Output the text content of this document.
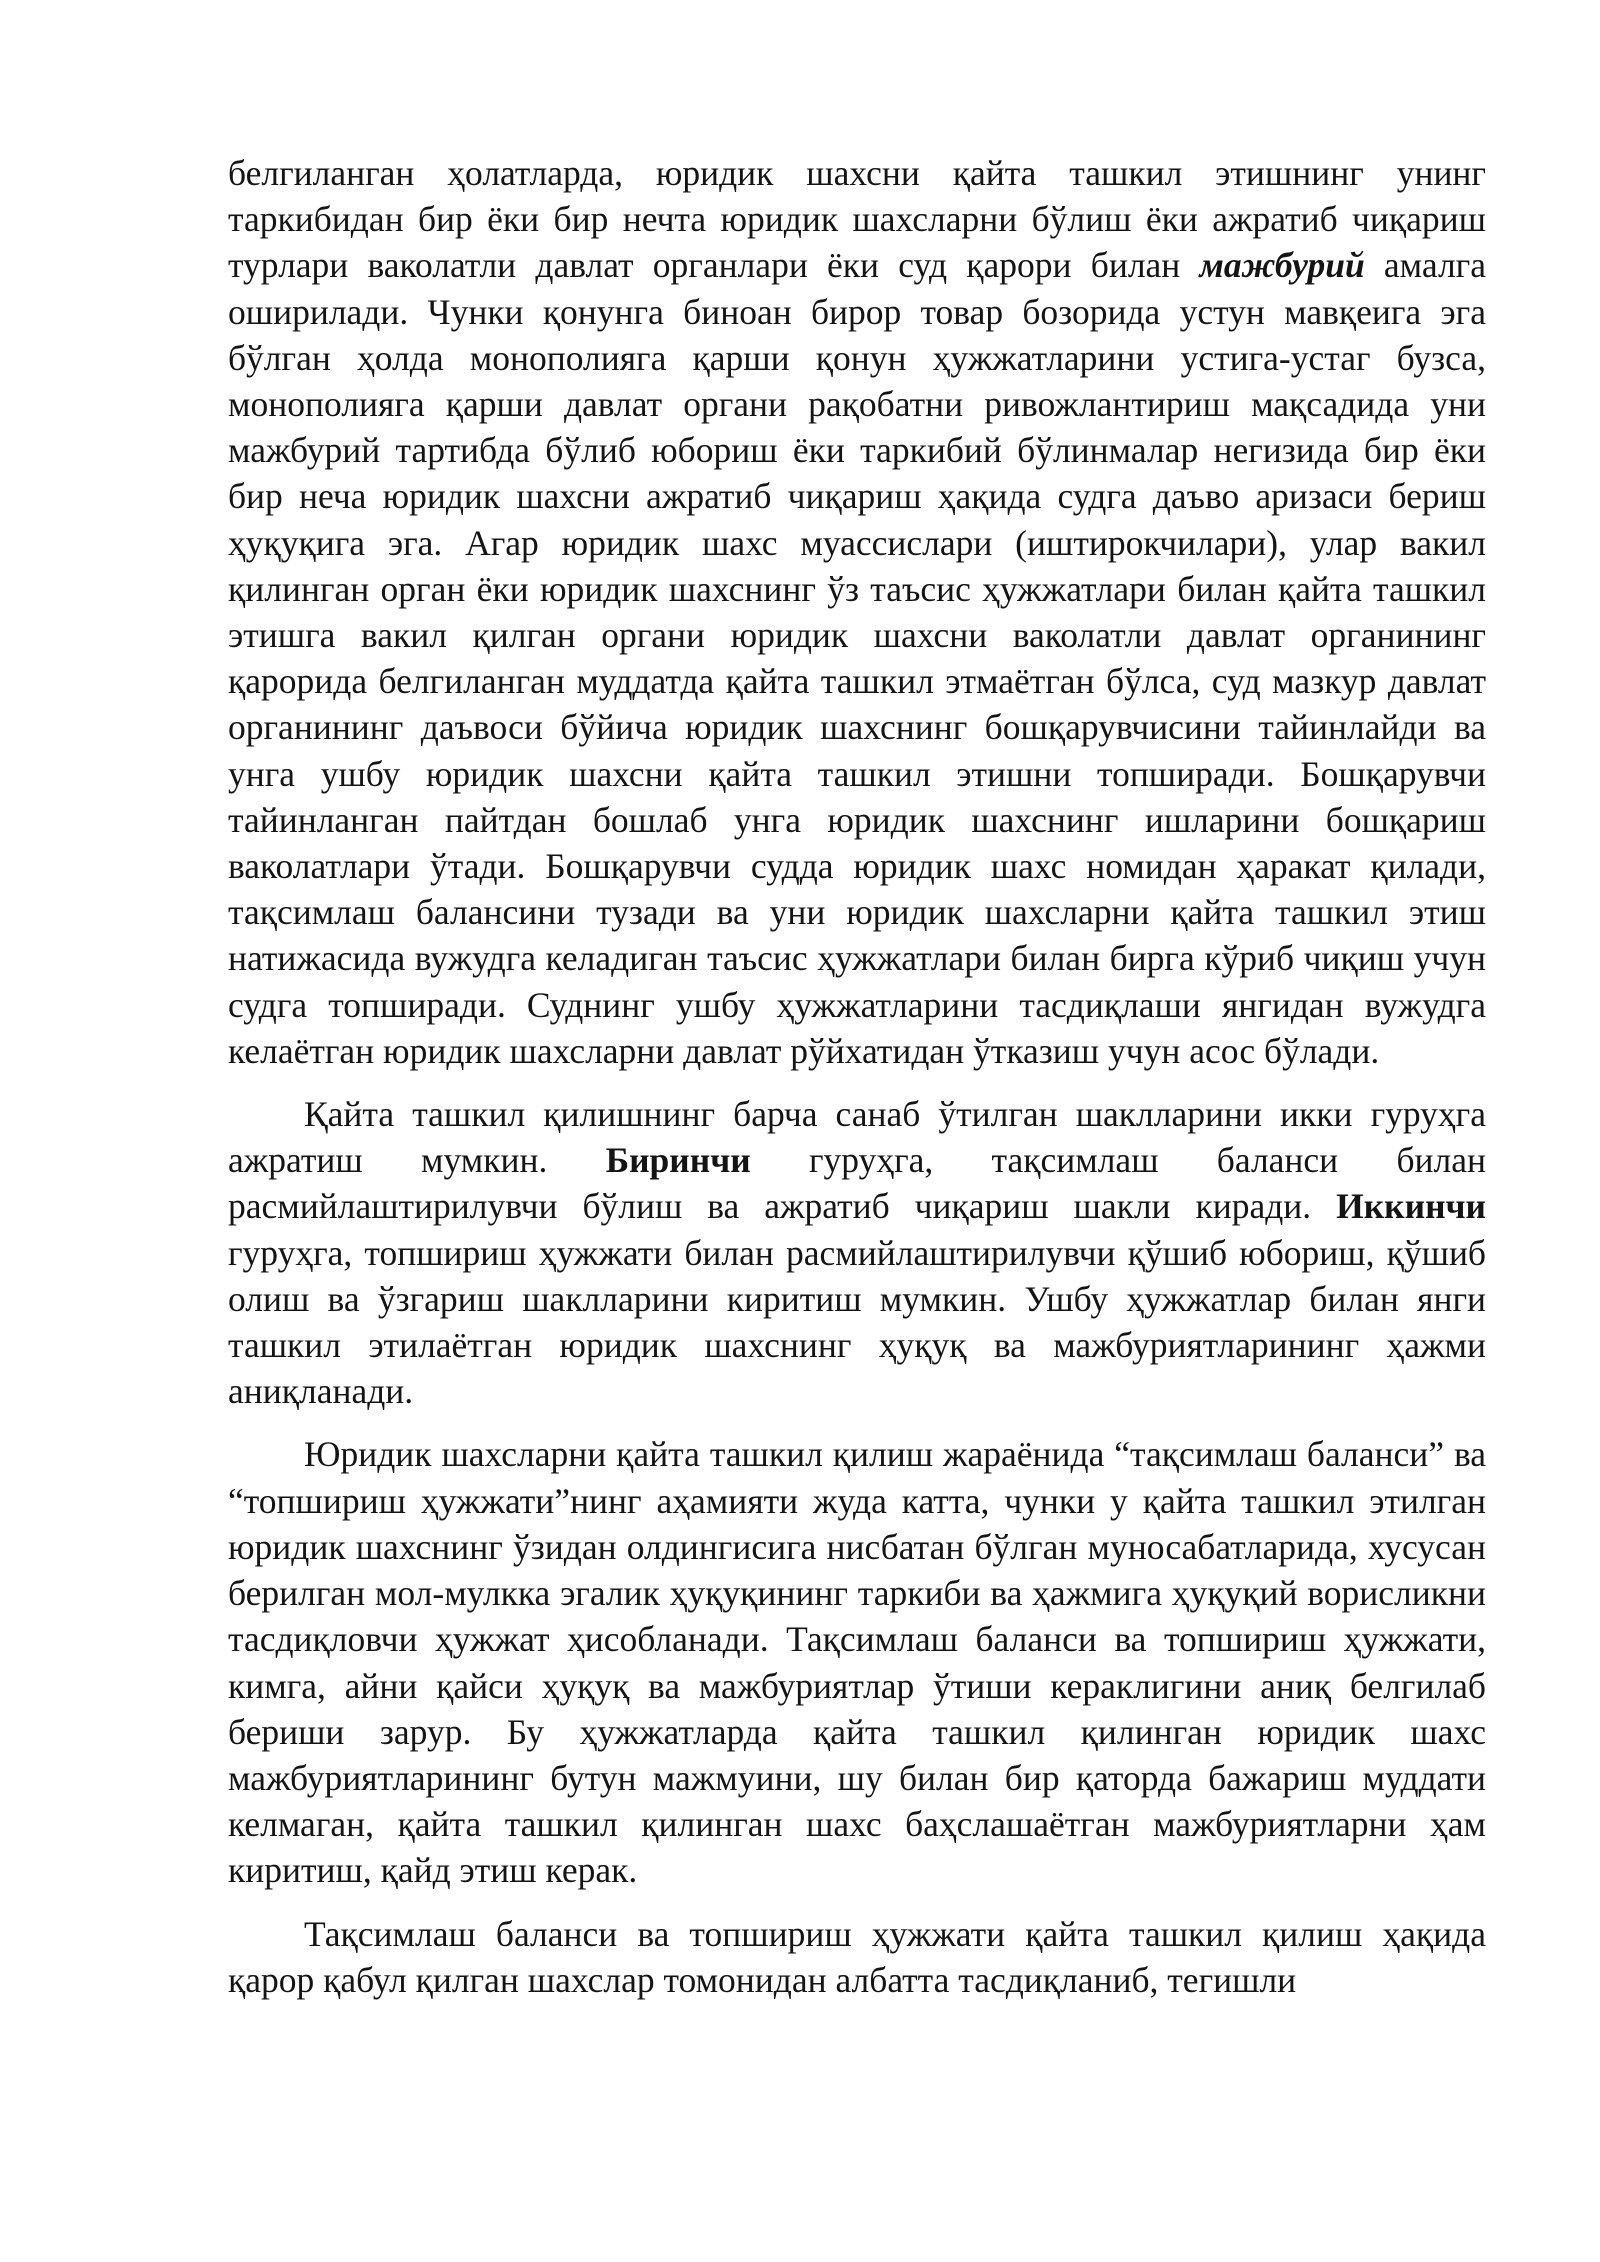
белгиланган ҳолатларда, юридик шахсни қайта ташкил этишнинг унинг таркибидан бир ёки бир нечта юридик шахсларни бўлиш ёки ажратиб чиқариш турлари ваколатли давлат органлари ёки суд қарори билан мажбурий амалга оширилади. Чунки қонунга биноан бирор товар бозорида устун мавқеига эга бўлган ҳолда монополияга қарши қонун ҳужжатларини устига-устаг бузса, монополияга қарши давлат органи рақобатни ривожлантириш мақсадида уни мажбурий тартибда бўлиб юбориш ёки таркибий бўлинмалар негизида бир ёки бир неча юридик шахсни ажратиб чиқариш ҳақида судга даъво аризаси бериш ҳуқуқига эга. Агар юридик шахс муассислари (иштирокчилари), улар вакил қилинган орган ёки юридик шахснинг ўз таъсис ҳужжатлари билан қайта ташкил этишга вакил қилган органи юридик шахсни ваколатли давлат органининг қарорида белгиланган муддатда қайта ташкил этмаётган бўлса, суд мазкур давлат органининг даъвоси бўйича юридик шахснинг бошқарувчисини тайинлайди ва унга ушбу юридик шахсни қайта ташкил этишни топширади. Бошқарувчи тайинланган пайтдан бошлаб унга юридик шахснинг ишларини бошқариш ваколатлари ўтади. Бошқарувчи судда юридик шахс номидан ҳаракат қилади, тақсимлаш балансини тузади ва уни юридик шахсларни қайта ташкил этиш натижасида вужудга келадиган таъсис ҳужжатлари билан бирга кўриб чиқиш учун судга топширади. Суднинг ушбу ҳужжатларини тасдиқлаши янгидан вужудга келаётган юридик шахсларни давлат рўйхатидан ўтказиш учун асос бўлади.

Қайта ташкил қилишнинг барча санаб ўтилган шаклларини икки гуруҳга ажратиш мумкин. Биринчи гуруҳга, тақсимлаш баланси билан расмийлаштирилувчи бўлиш ва ажратиб чиқариш шакли киради. Иккинчи гуруҳга, топшириш ҳужжати билан расмийлаштирилувчи қўшиб юбориш, қўшиб олиш ва ўзгариш шаклларини киритиш мумкин. Ушбу ҳужжатлар билан янги ташкил этилаётган юридик шахснинг ҳуқуқ ва мажбуриятларининг ҳажми аниқланади.

Юридик шахсларни қайта ташкил қилиш жараёнида “тақсимлаш баланси” ва “топшириш ҳужжати”нинг аҳамияти жуда катта, чунки у қайта ташкил этилган юридик шахснинг ўзидан олдингисига нисбатан бўлган муносабатларида, хусусан берилган мол-мулкка эгалик ҳуқуқининг таркиби ва ҳажмига ҳуқуқий ворисликни тасдиқловчи ҳужжат ҳисобланади. Тақсимлаш баланси ва топшириш ҳужжати, кимга, айни қайси ҳуқуқ ва мажбуриятлар ўтиши кераклигини аниқ белгилаб бериши зарур. Бу ҳужжатларда қайта ташкил қилинган юридик шахс мажбуриятларининг бутун мажмуини, шу билан бир қаторда бажариш муддати келмаган, қайта ташкил қилинган шахс баҳслашаётган мажбуриятларни ҳам киритиш, қайд этиш керак.

Тақсимлаш баланси ва топшириш ҳужжати қайта ташкил қилиш ҳақида қарор қабул қилган шахслар томонидан албатта тасдиқланиб, тегишли
